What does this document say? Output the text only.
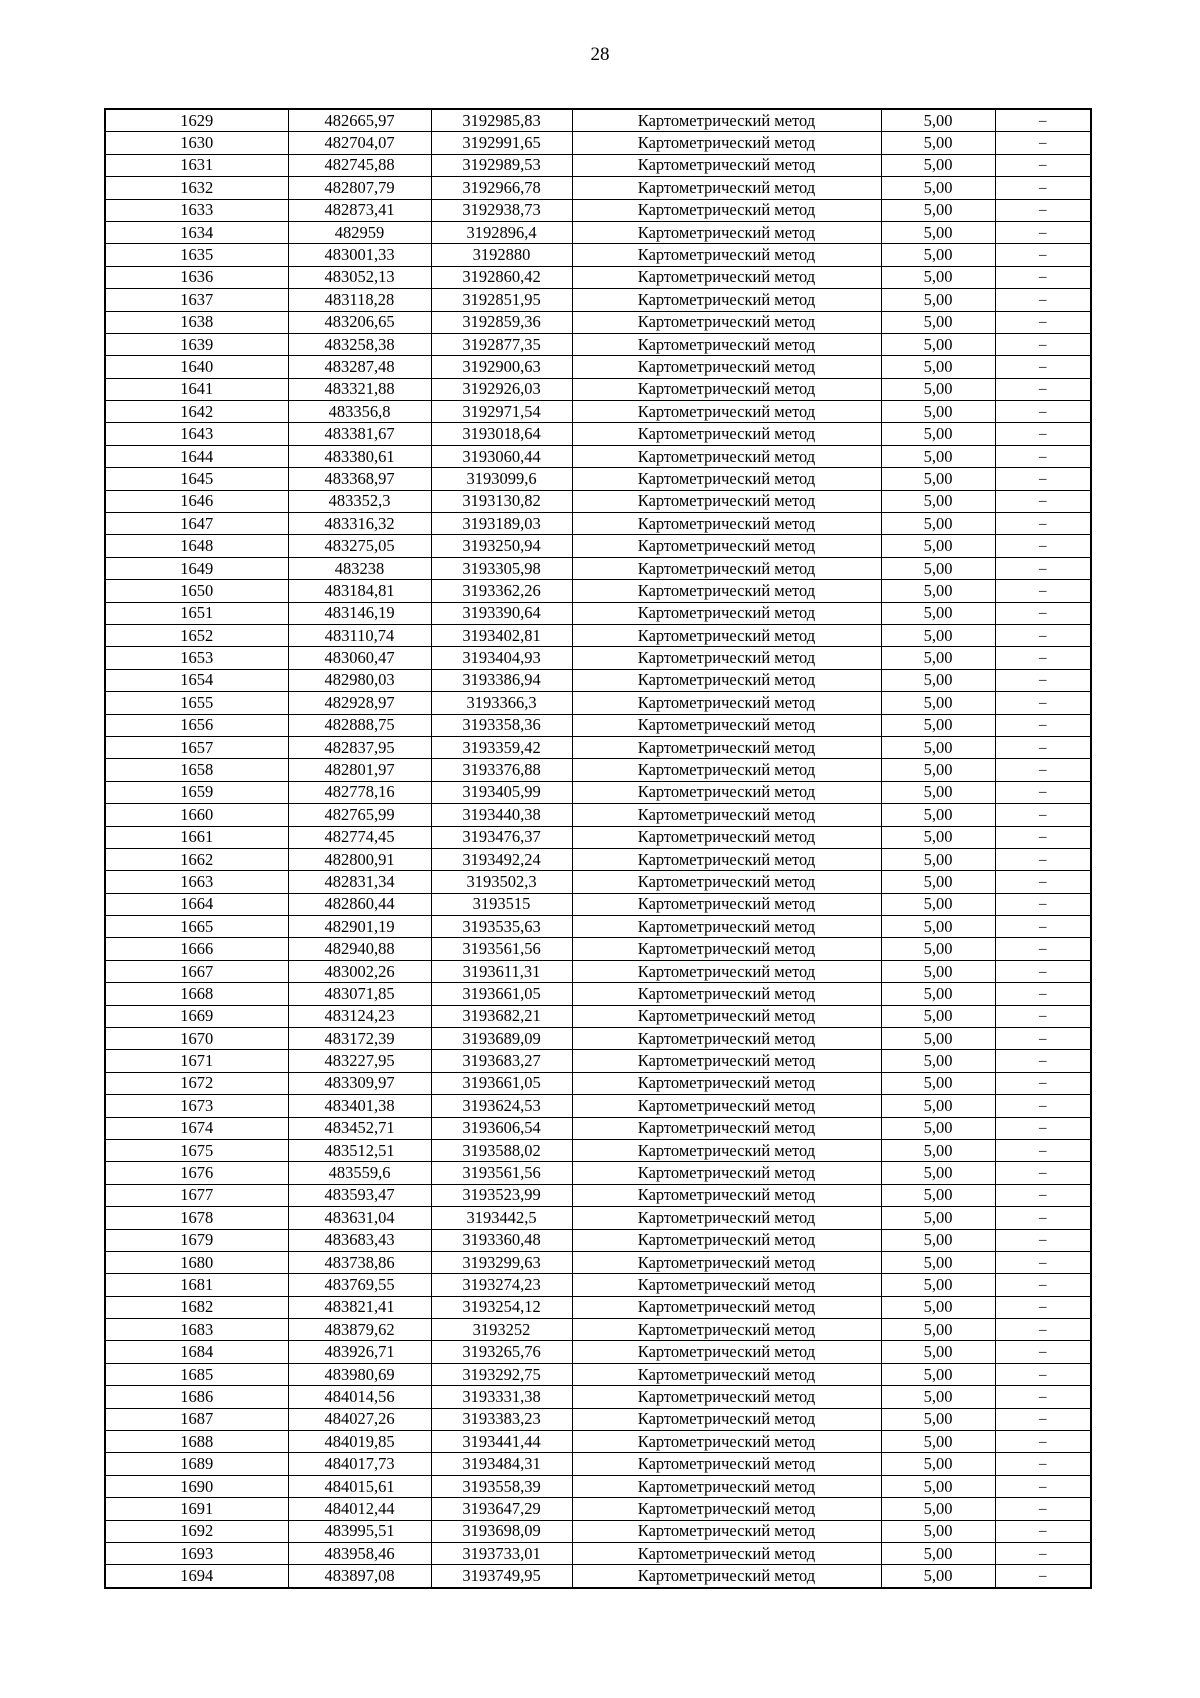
28
1629	482665,97	3192985,83	Картометрический метод	5,00	–
1630	482704,07	3192991,65	Картометрический метод	5,00	–
1631	482745,88	3192989,53	Картометрический метод	5,00	–
1632	482807,79	3192966,78	Картометрический метод	5,00	–
1633	482873,41	3192938,73	Картометрический метод	5,00	–
1634	482959	3192896,4	Картометрический метод	5,00	–
1635	483001,33	3192880	Картометрический метод	5,00	–
1636	483052,13	3192860,42	Картометрический метод	5,00	–
1637	483118,28	3192851,95	Картометрический метод	5,00	–
1638	483206,65	3192859,36	Картометрический метод	5,00	–
1639	483258,38	3192877,35	Картометрический метод	5,00	–
1640	483287,48	3192900,63	Картометрический метод	5,00	–
1641	483321,88	3192926,03	Картометрический метод	5,00	–
1642	483356,8	3192971,54	Картометрический метод	5,00	–
1643	483381,67	3193018,64	Картометрический метод	5,00	–
1644	483380,61	3193060,44	Картометрический метод	5,00	–
1645	483368,97	3193099,6	Картометрический метод	5,00	–
1646	483352,3	3193130,82	Картометрический метод	5,00	–
1647	483316,32	3193189,03	Картометрический метод	5,00	–
1648	483275,05	3193250,94	Картометрический метод	5,00	–
1649	483238	3193305,98	Картометрический метод	5,00	–
1650	483184,81	3193362,26	Картометрический метод	5,00	–
1651	483146,19	3193390,64	Картометрический метод	5,00	–
1652	483110,74	3193402,81	Картометрический метод	5,00	–
1653	483060,47	3193404,93	Картометрический метод	5,00	–
1654	482980,03	3193386,94	Картометрический метод	5,00	–
1655	482928,97	3193366,3	Картометрический метод	5,00	–
1656	482888,75	3193358,36	Картометрический метод	5,00	–
1657	482837,95	3193359,42	Картометрический метод	5,00	–
1658	482801,97	3193376,88	Картометрический метод	5,00	–
1659	482778,16	3193405,99	Картометрический метод	5,00	–
1660	482765,99	3193440,38	Картометрический метод	5,00	–
1661	482774,45	3193476,37	Картометрический метод	5,00	–
1662	482800,91	3193492,24	Картометрический метод	5,00	–
1663	482831,34	3193502,3	Картометрический метод	5,00	–
1664	482860,44	3193515	Картометрический метод	5,00	–
1665	482901,19	3193535,63	Картометрический метод	5,00	–
1666	482940,88	3193561,56	Картометрический метод	5,00	–
1667	483002,26	3193611,31	Картометрический метод	5,00	–
1668	483071,85	3193661,05	Картометрический метод	5,00	–
1669	483124,23	3193682,21	Картометрический метод	5,00	–
1670	483172,39	3193689,09	Картометрический метод	5,00	–
1671	483227,95	3193683,27	Картометрический метод	5,00	–
1672	483309,97	3193661,05	Картометрический метод	5,00	–
1673	483401,38	3193624,53	Картометрический метод	5,00	–
1674	483452,71	3193606,54	Картометрический метод	5,00	–
1675	483512,51	3193588,02	Картометрический метод	5,00	–
1676	483559,6	3193561,56	Картометрический метод	5,00	–
1677	483593,47	3193523,99	Картометрический метод	5,00	–
1678	483631,04	3193442,5	Картометрический метод	5,00	–
1679	483683,43	3193360,48	Картометрический метод	5,00	–
1680	483738,86	3193299,63	Картометрический метод	5,00	–
1681	483769,55	3193274,23	Картометрический метод	5,00	–
1682	483821,41	3193254,12	Картометрический метод	5,00	–
1683	483879,62	3193252	Картометрический метод	5,00	–
1684	483926,71	3193265,76	Картометрический метод	5,00	–
1685	483980,69	3193292,75	Картометрический метод	5,00	–
1686	484014,56	3193331,38	Картометрический метод	5,00	–
1687	484027,26	3193383,23	Картометрический метод	5,00	–
1688	484019,85	3193441,44	Картометрический метод	5,00	–
1689	484017,73	3193484,31	Картометрический метод	5,00	–
1690	484015,61	3193558,39	Картометрический метод	5,00	–
1691	484012,44	3193647,29	Картометрический метод	5,00	–
1692	483995,51	3193698,09	Картометрический метод	5,00	–
1693	483958,46	3193733,01	Картометрический метод	5,00	–
1694	483897,08	3193749,95	Картометрический метод	5,00	–
